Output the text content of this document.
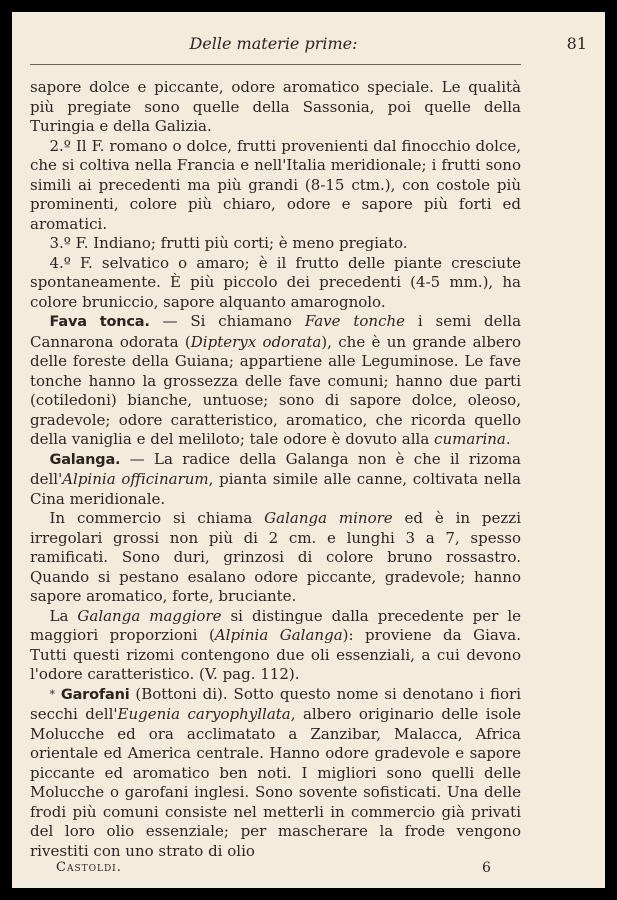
Delle materie prime:	81

sapore dolce e piccante, odore aromatico speciale. Le qualità più pregiate sono quelle della Sassonia, poi quelle della Turingia e della Galizia.

2.º Il F. romano o dolce, frutti provenienti dal finocchio dolce, che si coltiva nella Francia e nell'Italia meridionale; i frutti sono simili ai precedenti ma più grandi (8-15 ctm.), con costole più prominenti, colore più chiaro, odore e sapore più forti ed aromatici.

3.º F. Indiano; frutti più corti; è meno pregiato.

4.º F. selvatico o amaro; è il frutto delle piante cresciute spontaneamente. È più piccolo dei precedenti (4-5 mm.), ha colore bruniccio, sapore alquanto amarognolo.

Fava tonca. — Si chiamano Fave tonche i semi della Cannarona odorata (Dipteryx odorata), che è un grande albero delle foreste della Guiana; appartiene alle Leguminose. Le fave tonche hanno la grossezza delle fave comuni; hanno due parti (cotiledoni) bianche, untuose; sono di sapore dolce, oleoso, gradevole; odore caratteristico, aromatico, che ricorda quello della vaniglia e del meliloto; tale odore è dovuto alla cumarina.

Galanga. — La radice della Galanga non è che il rizoma dell'Alpinia officinarum, pianta simile alle canne, coltivata nella Cina meridionale.

In commercio si chiama Galanga minore ed è in pezzi irregolari grossi non più di 2 cm. e lunghi 3 a 7, spesso ramificati. Sono duri, grinzosi di colore bruno rossastro. Quando si pestano esalano odore piccante, gradevole; hanno sapore aromatico, forte, bruciante.

La Galanga maggiore si distingue dalla precedente per le maggiori proporzioni (Alpinia Galanga): proviene da Giava. Tutti questi rizomi contengono due oli essenziali, a cui devono l'odore caratteristico. (V. pag. 112).

* Garofani (Bottoni di). Sotto questo nome si denotano i fiori secchi dell'Eugenia caryophyllata, albero originario delle isole Molucche ed ora acclimatato a Zanzibar, Malacca, Africa orientale ed America centrale. Hanno odore gradevole e sapore piccante ed aromatico ben noti. I migliori sono quelli delle Molucche o garofani inglesi. Sono sovente sofisticati. Una delle frodi più comuni consiste nel metterli in commercio già privati del loro olio essenziale; per mascherare la frode vengono rivestiti con uno strato di olio

Castoldi.	6
